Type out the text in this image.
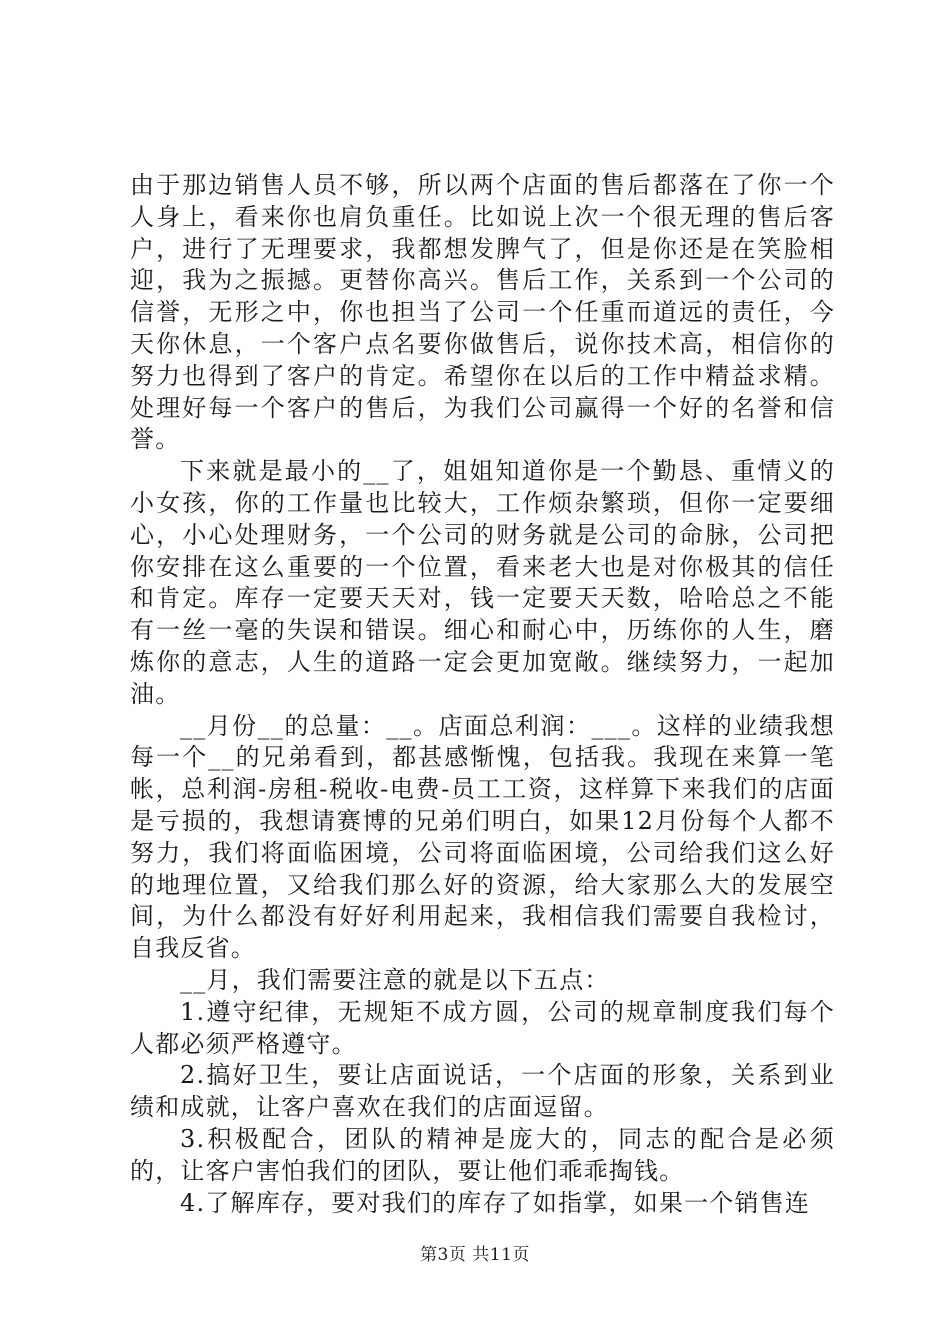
由于那边销售人员不够，所以两个店面的售后都落在了你一个人身上，看来你也肩负重任。比如说上次一个很无理的售后客户，进行了无理要求，我都想发脾气了，但是你还是在笑脸相迎，我为之振撼。更替你高兴。售后工作，关系到一个公司的信誉，无形之中，你也担当了公司一个任重而道远的责任，今天你休息，一个客户点名要你做售后，说你技术高，相信你的努力也得到了客户的肯定。希望你在以后的工作中精益求精。处理好每一个客户的售后，为我们公司赢得一个好的名誉和信誉。

下来就是最小的__了，姐姐知道你是一个勤恳、重情义的小女孩，你的工作量也比较大，工作烦杂繁琐，但你一定要细心，小心处理财务，一个公司的财务就是公司的命脉，公司把你安排在这么重要的一个位置，看来老大也是对你极其的信任和肯定。库存一定要天天对，钱一定要天天数，哈哈总之不能有一丝一毫的失误和错误。细心和耐心中，历练你的人生，磨炼你的意志，人生的道路一定会更加宽敞。继续努力，一起加油。

__月份__的总量：__。店面总利润：___。这样的业绩我想每一个__的兄弟看到，都甚感惭愧，包括我。我现在来算一笔帐，总利润-房租-税收-电费-员工工资，这样算下来我们的店面是亏损的，我想请赛博的兄弟们明白，如果12月份每个人都不努力，我们将面临困境，公司将面临困境，公司给我们这么好的地理位置，又给我们那么好的资源，给大家那么大的发展空间，为什么都没有好好利用起来，我相信我们需要自我检讨，自我反省。

__月，我们需要注意的就是以下五点：

1.遵守纪律，无规矩不成方圆，公司的规章制度我们每个人都必须严格遵守。

2.搞好卫生，要让店面说话，一个店面的形象，关系到业绩和成就，让客户喜欢在我们的店面逗留。

3.积极配合，团队的精神是庞大的，同志的配合是必须的，让客户害怕我们的团队，要让他们乖乖掏钱。

4.了解库存，要对我们的库存了如指掌，如果一个销售连

第3页 共11页
